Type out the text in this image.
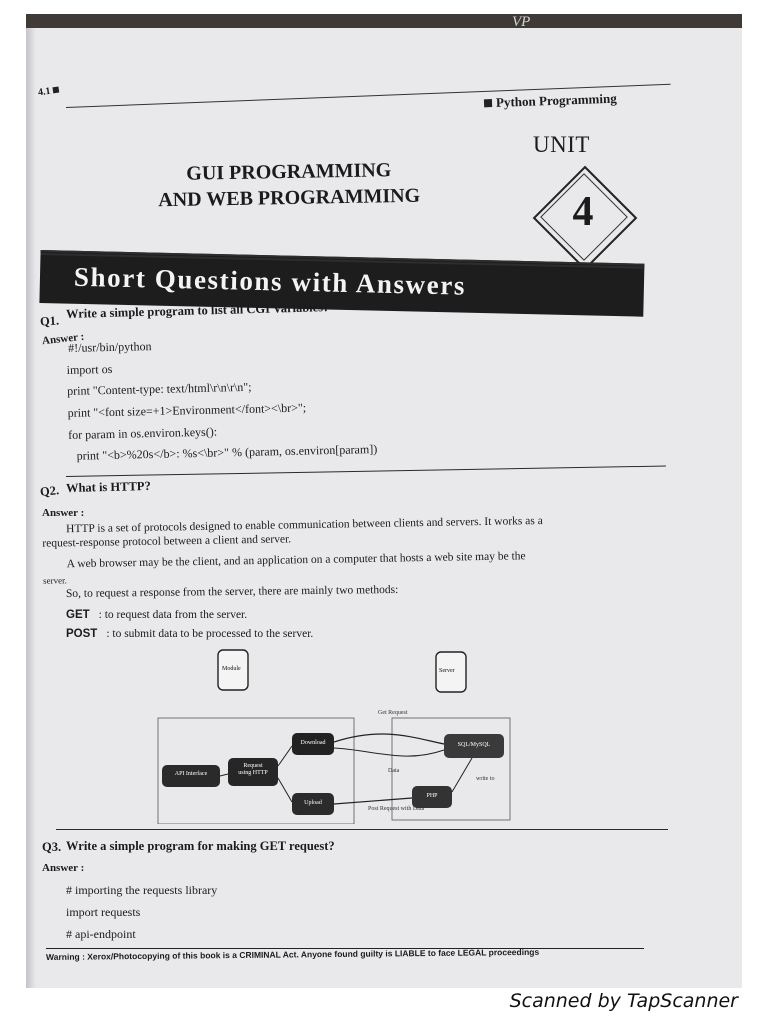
VP
4.1	Python Programming
UNIT
4
GUI PROGRAMMING
AND WEB PROGRAMMING
Short Questions with Answers
Q1.
Write a simple program to list all CGI Variables?
Answer :
#!/usr/bin/python
import os
print "Content-type: text/html\r\n\r\n";
print "<font size=+1>Environment</font><\br>";
for param in os.environ.keys():
print "<b>%20s</b>: %s<\br>" % (param, os.environ[param])
Q2. What is HTTP?
Answer :
HTTP is a set of protocols designed to enable communication between clients and servers. It works as a
request-response protocol between a client and server.
A web browser may be the client, and an application on a computer that hosts a web site may be the
server.
So, to request a response from the server, there are mainly two methods:
GET : to request data from the server.
POST : to submit data to be processed to the server.
Module	Server
Get Request
API Interface
Request
using HTTP
Download
Upload
SQL/MySQL
PHP
Data
Post Request with Data
write to
Q3. Write a simple program for making GET request?
Answer :
# importing the requests library
import requests
# api-endpoint
Warning : Xerox/Photocopying of this book is a CRIMINAL Act. Anyone found guilty is LIABLE to face LEGAL proceedings
Scanned by TapScanner
